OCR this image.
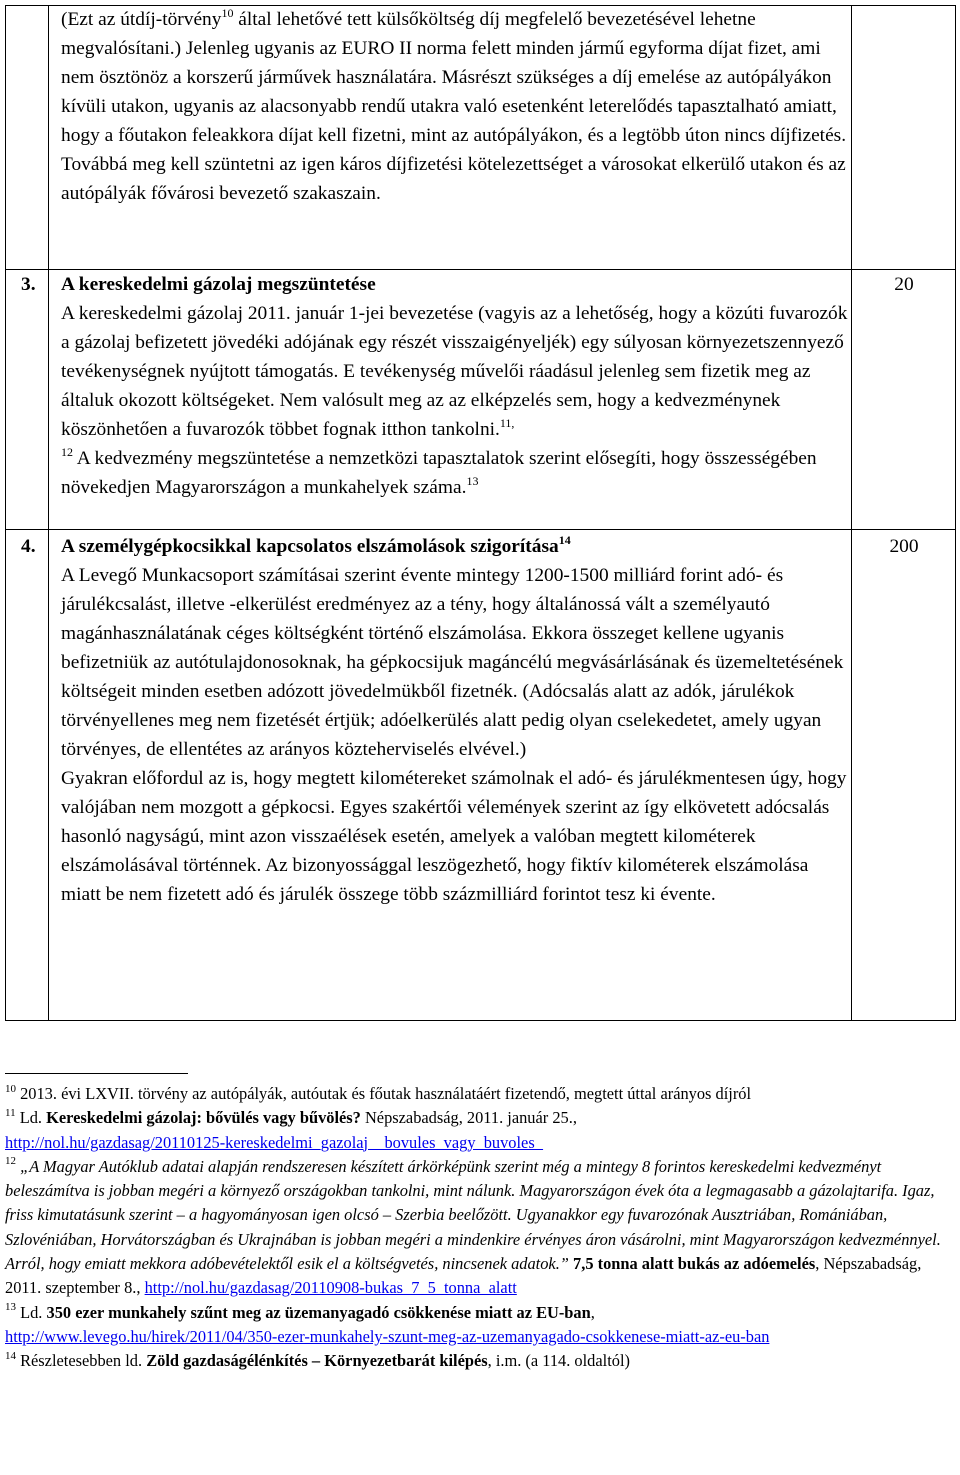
(Ezt az útdíj-törvény$^{10}$ által lehetővé tett külsőköltség díj megfelelő bevezetésével lehetne megvalósítani.) Jelenleg ugyanis az EURO II norma felett minden jármű egyforma díjat fizet, ami nem ösztönöz a korszerű járművek használatára. Másrészt szükséges a díj emelése az autópályákon kívüli utakon, ugyanis az alacsonyabb rendű utakra való esetenként leterelődés tapasztalható amiatt, hogy a főutakon feleakkora díjat kell fizetni, mint az autópályákon, és a legtöbb úton nincs díjfizetés. Továbbá meg kell szüntetni az igen káros díjfizetési kötelezettséget a városokat elkerülő utakon és az autópályák fővárosi bevezető szakaszain.

3.	20

A kereskedelmi gázolaj megszüntetése

A kereskedelmi gázolaj 2011. január 1-jei bevezetése (vagyis az a lehetőség, hogy a közúti fuvarozók a gázolaj befizetett jövedéki adójának egy részét visszaigényeljék) egy súlyosan környezetszennyező tevékenységnek nyújtott támogatás. E tevékenység művelői ráadásul jelenleg sem fizetik meg az általuk okozott költségeket. Nem valósult meg az az elképzelés sem, hogy a kedvezménynek köszönhetően a fuvarozók többet fognak itthon tankolni.$^{11,}$
$^{12}$ A kedvezmény megszüntetése a nemzetközi tapasztalatok szerint elősegíti, hogy összességében növekedjen Magyarországon a munkahelyek száma.$^{13}$

4.	200

A személygépkocsikkal kapcsolatos elszámolások szigorítása$^{14}$

A Levegő Munkacsoport számításai szerint évente mintegy 1200-1500 milliárd forint adó- és járulékcsalást, illetve -elkerülést eredményez az a tény, hogy általánossá vált a személyautó magánhasználatának céges költségként történő elszámolása. Ekkora összeget kellene ugyanis befizetniük az autótulajdonosoknak, ha gépkocsijuk magáncélú megvásárlásának és üzemeltetésének költségeit minden esetben adózott jövedelmükből fizetnék. (Adócsalás alatt az adók, járulékok törvényellenes meg nem fizetését értjük; adóelkerülés alatt pedig olyan cselekedetet, amely ugyan törvényes, de ellentétes az arányos közteherviselés elvével.)

Gyakran előfordul az is, hogy megtett kilométereket számolnak el adó- és járulékmentesen úgy, hogy valójában nem mozgott a gépkocsi. Egyes szakértői vélemények szerint az így elkövetett adócsalás hasonló nagyságú, mint azon visszaélések esetén, amelyek a valóban megtett kilométerek elszámolásával történnek. Az bizonyossággal leszögezhető, hogy fiktív kilométerek elszámolása miatt be nem fizetett adó és járulék összege több százmilliárd forintot tesz ki évente.

$^{10}$ 2013. évi LXVII. törvény az autópályák, autóutak és főutak használatáért fizetendő, megtett úttal arányos díjról

$^{11}$ Ld. Kereskedelmi gázolaj: bővülés vagy bűvölés? Népszabadság, 2011. január 25.,
http://nol.hu/gazdasag/20110125-kereskedelmi_gazolaj__bovules_vagy_buvoles_

$^{12}$ „A Magyar Autóklub adatai alapján rendszeresen készített árkörképünk szerint még a mintegy 8 forintos kereskedelmi kedvezményt beleszámítva is jobban megéri a környező országokban tankolni, mint nálunk. Magyarországon évek óta a legmagasabb a gázolajtarifa. Igaz, friss kimutatásunk szerint – a hagyományosan igen olcsó – Szerbia beelőzött. Ugyanakkor egy fuvarozónak Ausztriában, Romániában, Szlovéniában, Horvátországban és Ukrajnában is jobban megéri a mindenkire érvényes áron vásárolni, mint Magyarországon kedvezménnyel. Arról, hogy emiatt mekkora adóbevételektől esik el a költségvetés, nincsenek adatok.” 7,5 tonna alatt bukás az adóemelés, Népszabadság, 2011. szeptember 8., http://nol.hu/gazdasag/20110908-bukas_7_5_tonna_alatt

$^{13}$ Ld. 350 ezer munkahely szűnt meg az üzemanyagadó csökkenése miatt az EU-ban,
http://www.levego.hu/hirek/2011/04/350-ezer-munkahely-szunt-meg-az-uzemanyagado-csokkenese-miatt-az-eu-ban

$^{14}$ Részletesebben ld. Zöld gazdaságélénkítés – Környezetbarát kilépés, i.m. (a 114. oldaltól)
